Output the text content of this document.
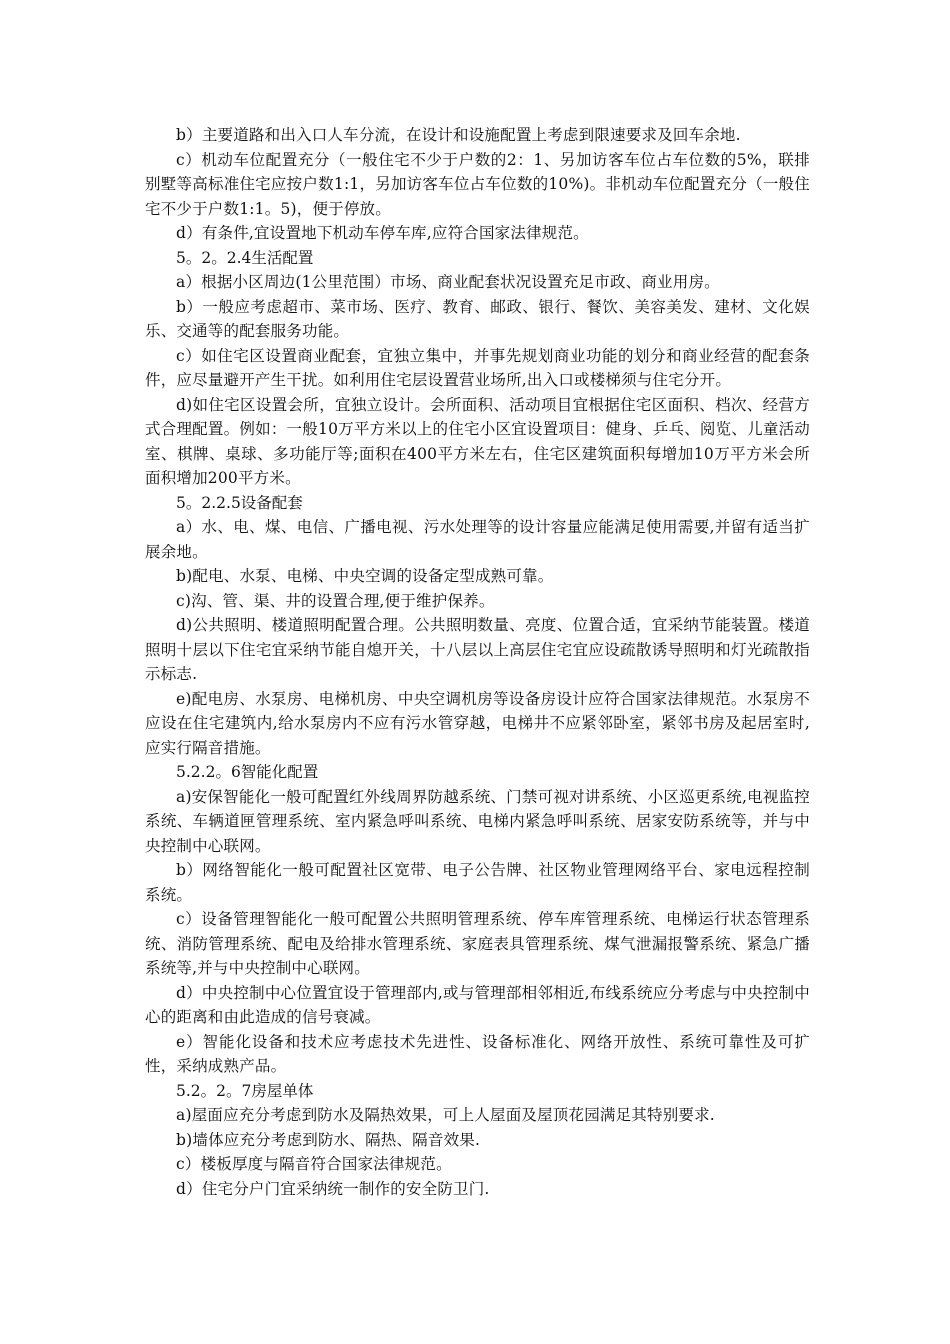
b）主要道路和出入口人车分流，在设计和设施配置上考虑到限速要求及回车余地.

c）机动车位配置充分（一般住宅不少于户数的2：1、另加访客车位占车位数的5%，联排别墅等高标准住宅应按户数1:1，另加访客车位占车位数的10%)。非机动车位配置充分（一般住宅不少于户数1:1。5)，便于停放。

d）有条件,宜设置地下机动车停车库,应符合国家法律规范。

5。2。2.4生活配置

a）根据小区周边(1公里范围）市场、商业配套状况设置充足市政、商业用房。

b）一般应考虑超市、菜市场、医疗、教育、邮政、银行、餐饮、美容美发、建材、文化娱乐、交通等的配套服务功能。

c）如住宅区设置商业配套，宜独立集中，并事先规划商业功能的划分和商业经营的配套条件，应尽量避开产生干扰。如利用住宅层设置营业场所,出入口或楼梯须与住宅分开。

d)如住宅区设置会所，宜独立设计。会所面积、活动项目宜根据住宅区面积、档次、经营方式合理配置。例如：一般10万平方米以上的住宅小区宜设置项目：健身、乒乓、阅览、儿童活动室、棋牌、桌球、多功能厅等;面积在400平方米左右，住宅区建筑面积每增加10万平方米会所面积增加200平方米。

5。2.2.5设备配套

a）水、电、煤、电信、广播电视、污水处理等的设计容量应能满足使用需要,并留有适当扩展余地。

b)配电、水泵、电梯、中央空调的设备定型成熟可靠。

c)沟、管、渠、井的设置合理,便于维护保养。

d)公共照明、楼道照明配置合理。公共照明数量、亮度、位置合适，宜采纳节能装置。楼道照明十层以下住宅宜采纳节能自熄开关，十八层以上高层住宅宜应设疏散诱导照明和灯光疏散指示标志.

e)配电房、水泵房、电梯机房、中央空调机房等设备房设计应符合国家法律规范。水泵房不应设在住宅建筑内,给水泵房内不应有污水管穿越，电梯井不应紧邻卧室，紧邻书房及起居室时,应实行隔音措施。

5.2.2。6智能化配置

a)安保智能化一般可配置红外线周界防越系统、门禁可视对讲系统、小区巡更系统,电视监控系统、车辆道匣管理系统、室内紧急呼叫系统、电梯内紧急呼叫系统、居家安防系统等，并与中央控制中心联网。

b）网络智能化一般可配置社区宽带、电子公告牌、社区物业管理网络平台、家电远程控制系统。

c）设备管理智能化一般可配置公共照明管理系统、停车库管理系统、电梯运行状态管理系统、消防管理系统、配电及给排水管理系统、家庭表具管理系统、煤气泄漏报警系统、紧急广播系统等,并与中央控制中心联网。

d）中央控制中心位置宜设于管理部内,或与管理部相邻相近,布线系统应分考虑与中央控制中心的距离和由此造成的信号衰减。

e）智能化设备和技术应考虑技术先进性、设备标准化、网络开放性、系统可靠性及可扩性，采纳成熟产品。

5.2。2。7房屋单体

a)屋面应充分考虑到防水及隔热效果，可上人屋面及屋顶花园满足其特别要求.

b)墙体应充分考虑到防水、隔热、隔音效果.

c）楼板厚度与隔音符合国家法律规范。

d）住宅分户门宜采纳统一制作的安全防卫门.
